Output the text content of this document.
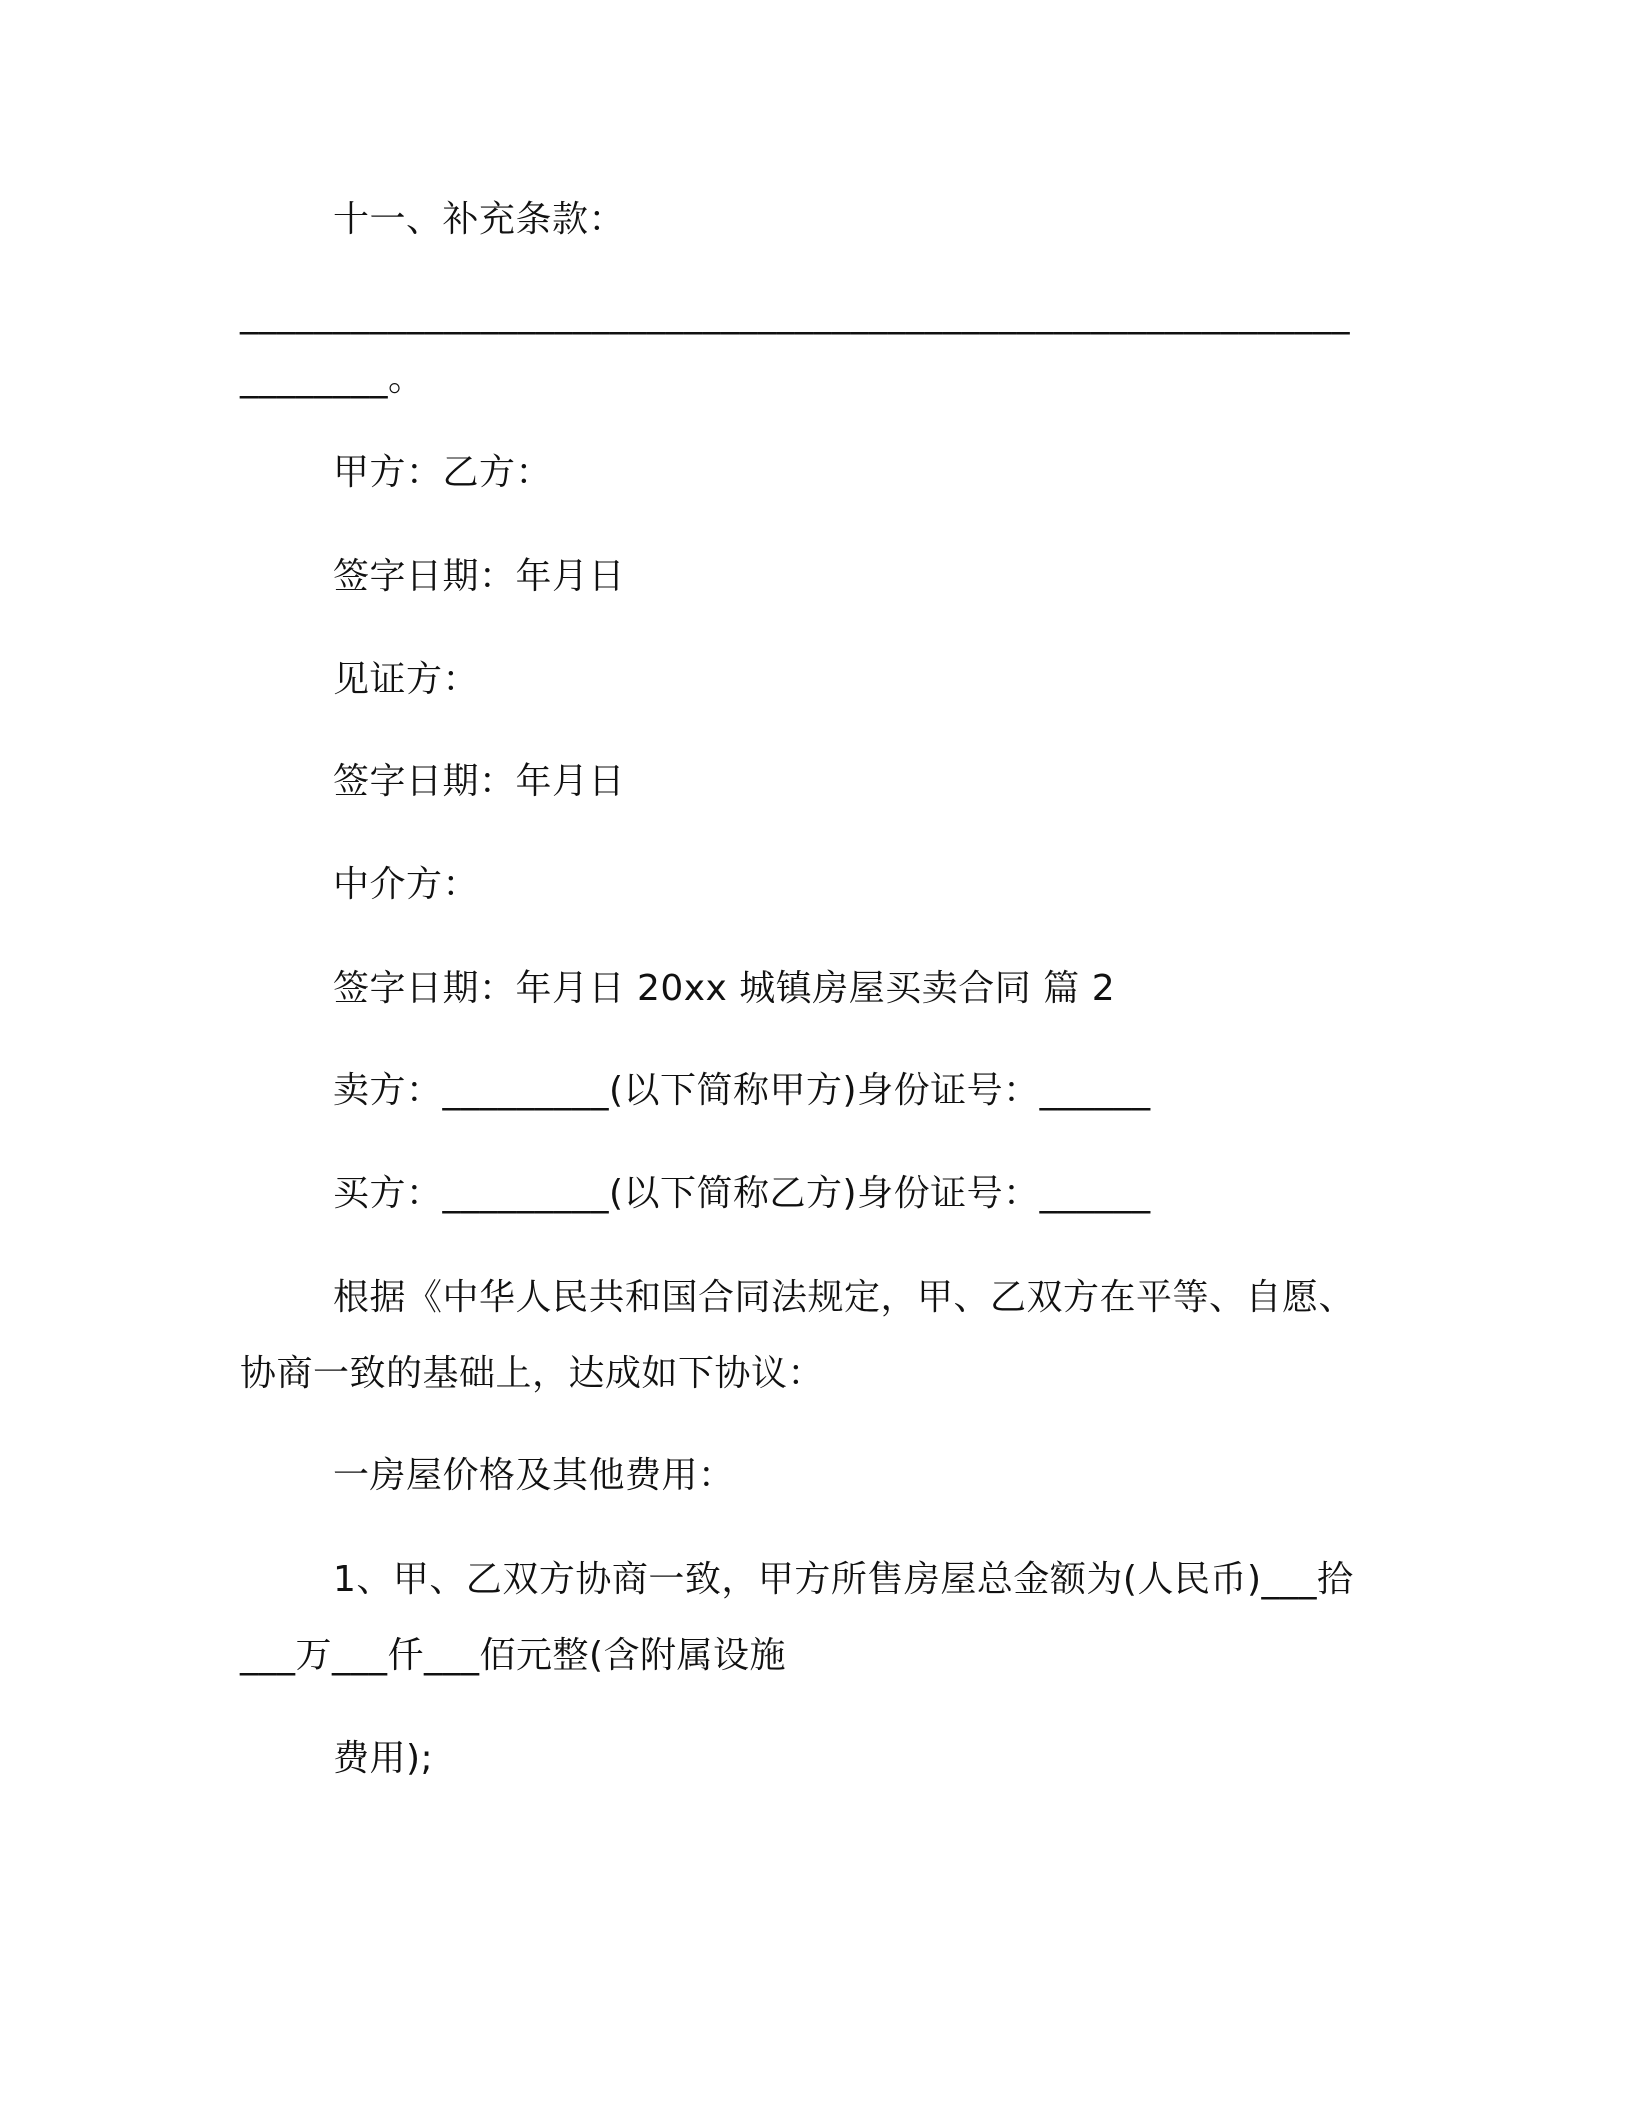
十一、补充条款：
____________________________________________________________
________。
甲方：乙方：
签字日期：年月日
见证方：
签字日期：年月日
中介方：
签字日期：年月日 20xx 城镇房屋买卖合同 篇 2
卖方：_________(以下简称甲方)身份证号：______
买方：_________(以下简称乙方)身份证号：______
根据《中华人民共和国合同法规定，甲、乙双方在平等、自愿、
协商一致的基础上，达成如下协议：
一房屋价格及其他费用：
1、甲、乙双方协商一致，甲方所售房屋总金额为(人民币)___拾
___万___仟___佰元整(含附属设施
费用);
